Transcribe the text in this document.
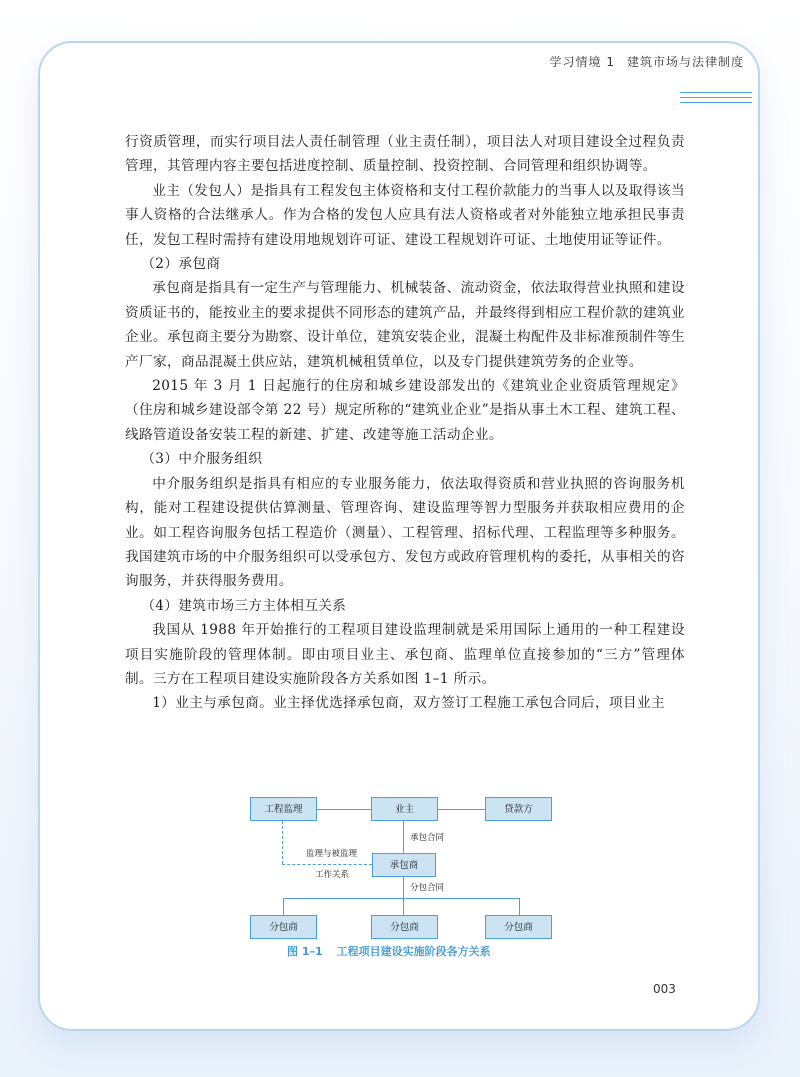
学习情境 1 建筑市场与法律制度

行资质管理，而实行项目法人责任制管理（业主责任制），项目法人对项目建设全过程负责管理，其管理内容主要包括进度控制、质量控制、投资控制、合同管理和组织协调等。

业主（发包人）是指具有工程发包主体资格和支付工程价款能力的当事人以及取得该当事人资格的合法继承人。作为合格的发包人应具有法人资格或者对外能独立地承担民事责任，发包工程时需持有建设用地规划许可证、建设工程规划许可证、土地使用证等证件。

（2）承包商

承包商是指具有一定生产与管理能力、机械装备、流动资金，依法取得营业执照和建设资质证书的，能按业主的要求提供不同形态的建筑产品，并最终得到相应工程价款的建筑业企业。承包商主要分为勘察、设计单位，建筑安装企业，混凝土构配件及非标准预制件等生产厂家，商品混凝土供应站，建筑机械租赁单位，以及专门提供建筑劳务的企业等。

2015 年 3 月 1 日起施行的住房和城乡建设部发出的《建筑业企业资质管理规定》（住房和城乡建设部令第 22 号）规定所称的“建筑业企业”是指从事土木工程、建筑工程、线路管道设备安装工程的新建、扩建、改建等施工活动企业。

（3）中介服务组织

中介服务组织是指具有相应的专业服务能力，依法取得资质和营业执照的咨询服务机构，能对工程建设提供估算测量、管理咨询、建设监理等智力型服务并获取相应费用的企业。如工程咨询服务包括工程造价（测量）、工程管理、招标代理、工程监理等多种服务。我国建筑市场的中介服务组织可以受承包方、发包方或政府管理机构的委托，从事相关的咨询服务，并获得服务费用。

（4）建筑市场三方主体相互关系

我国从 1988 年开始推行的工程项目建设监理制就是采用国际上通用的一种工程建设项目实施阶段的管理体制。即由项目业主、承包商、监理单位直接参加的“三方”管理体制。三方在工程项目建设实施阶段各方关系如图 1–1 所示。

1）业主与承包商。业主择优选择承包商，双方签订工程施工承包合同后，项目业主

工程监理	业主	贷款方
承包商
分包商	分包商	分包商
承包合同
监理与被监理
工作关系
分包合同
图 1–1 工程项目建设实施阶段各方关系
003
